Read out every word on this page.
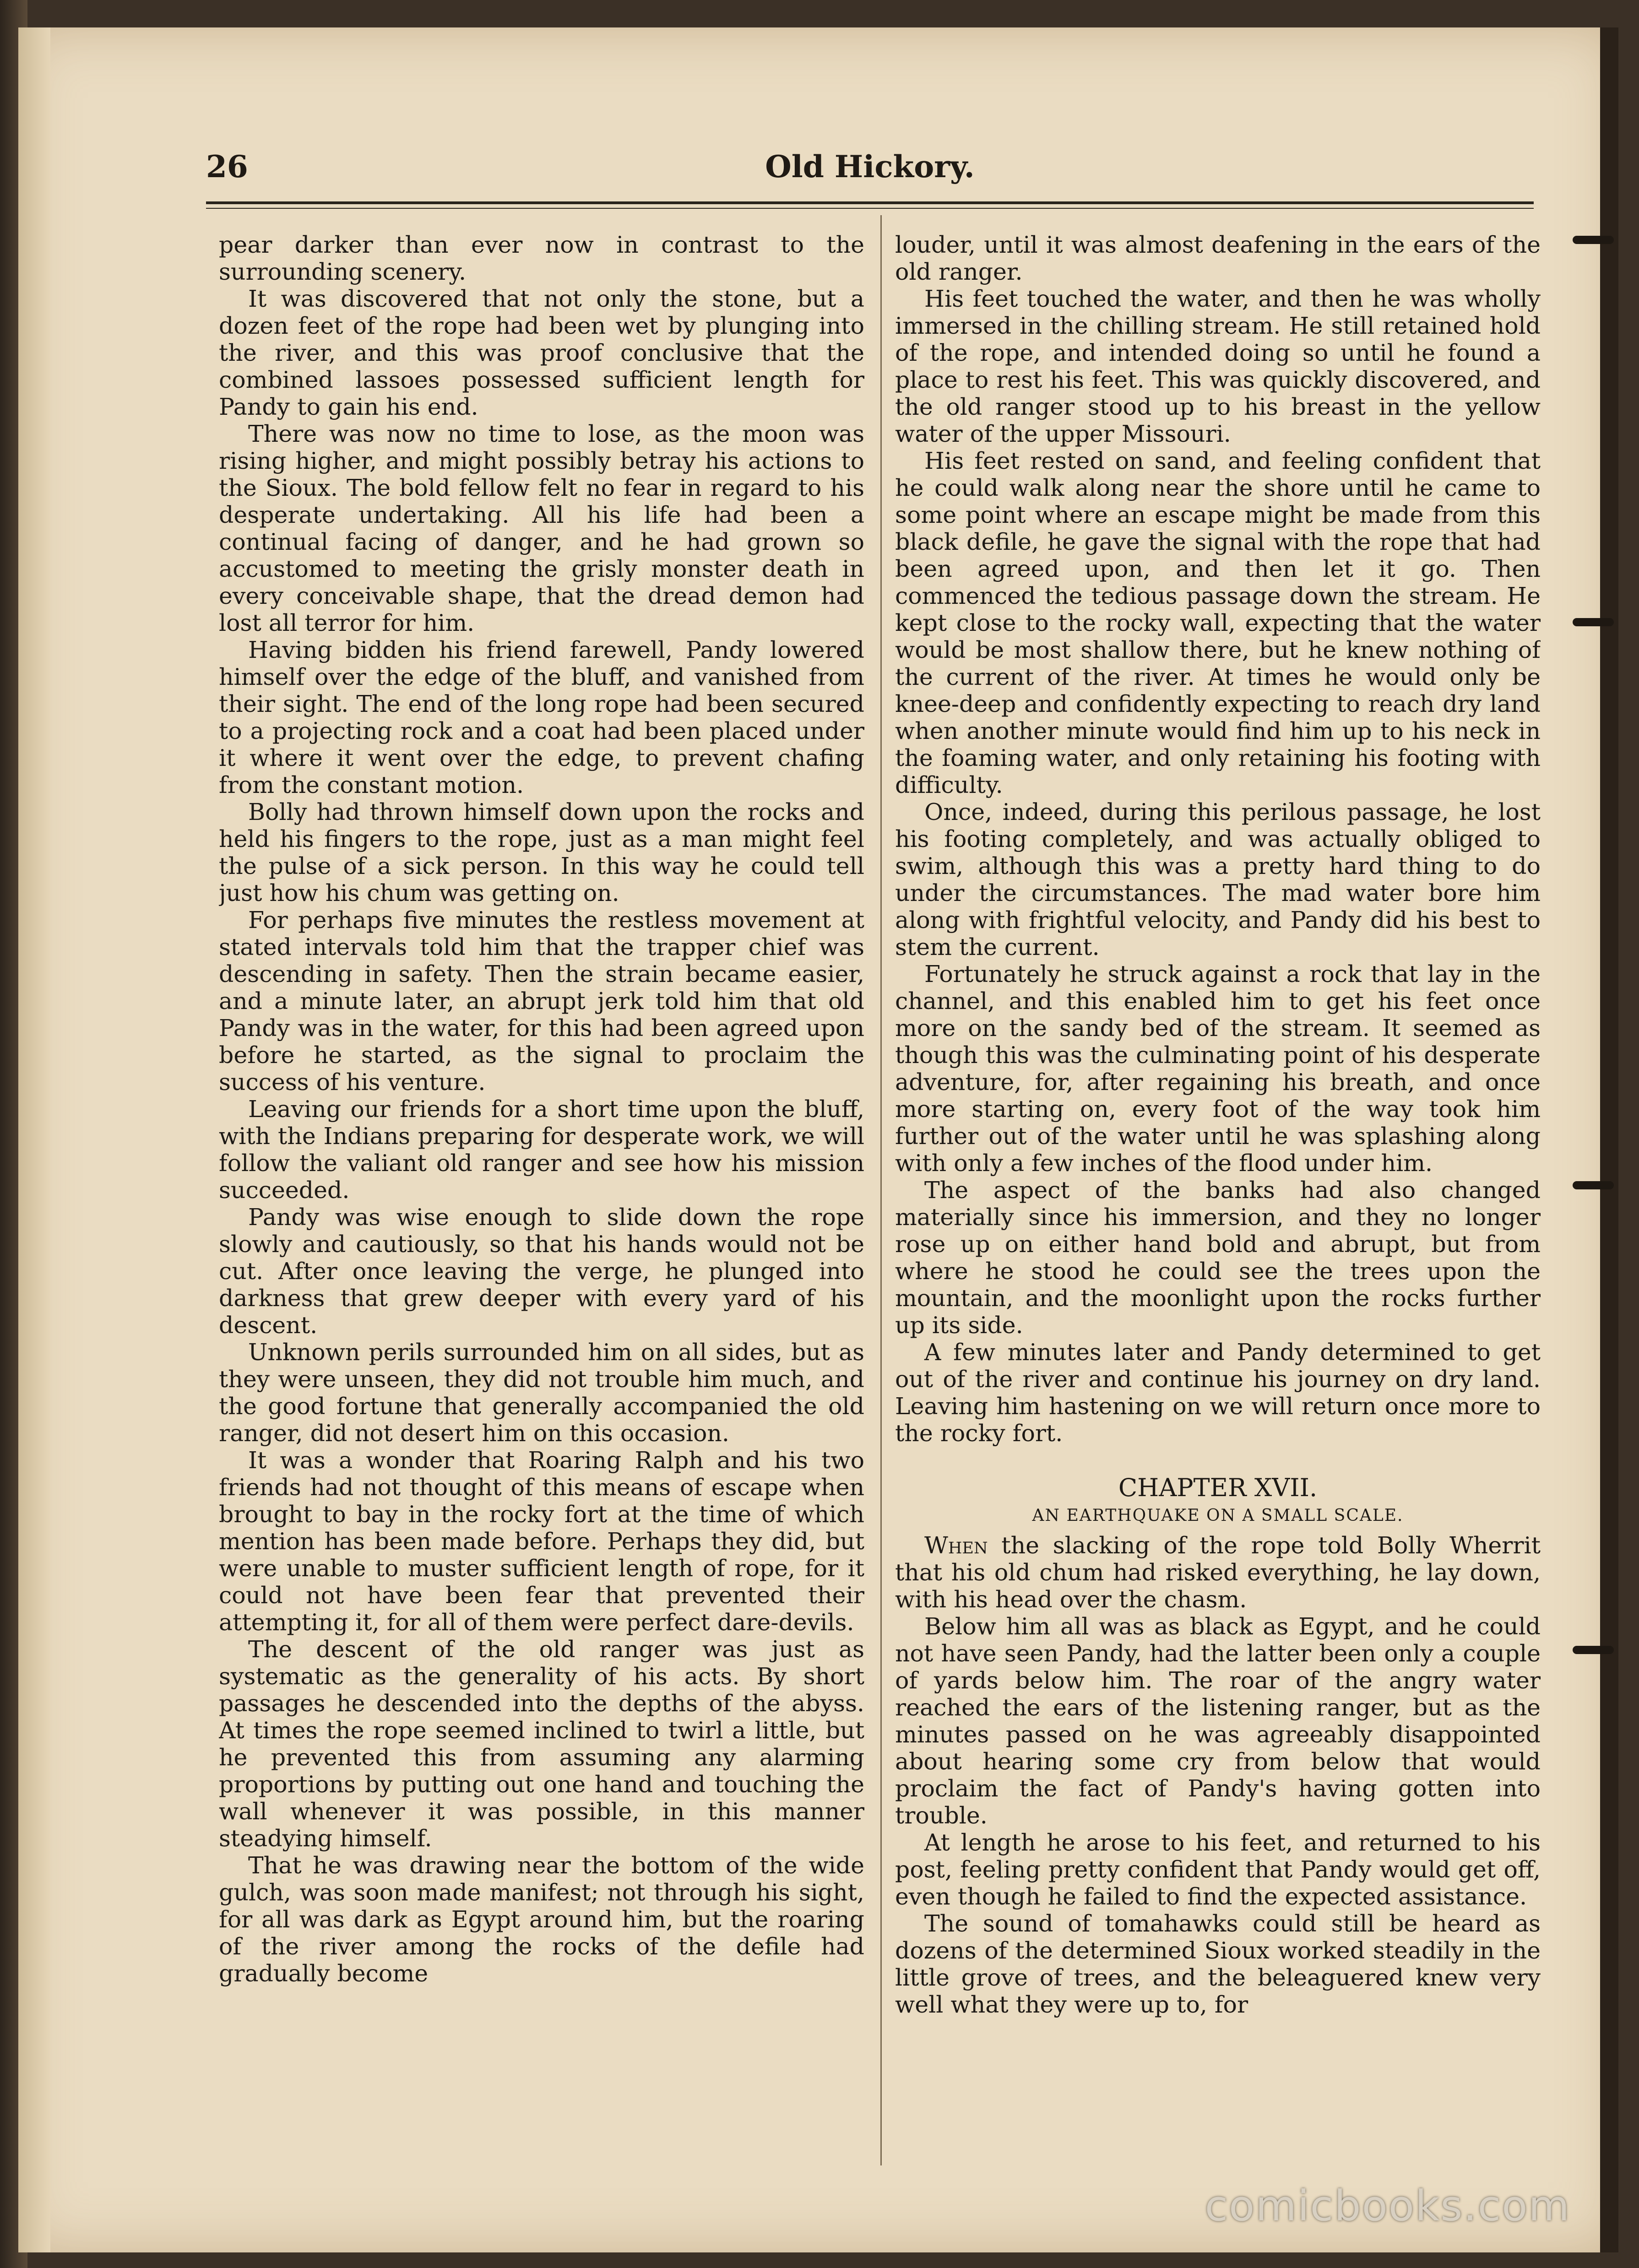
26	Old Hickory.

pear darker than ever now in contrast to the surrounding scenery.

It was discovered that not only the stone, but a dozen feet of the rope had been wet by plunging into the river, and this was proof conclusive that the combined lassoes possessed sufficient length for Pandy to gain his end.

There was now no time to lose, as the moon was rising higher, and might possibly betray his actions to the Sioux. The bold fellow felt no fear in regard to his desperate undertaking. All his life had been a continual facing of danger, and he had grown so accustomed to meeting the grisly monster death in every conceivable shape, that the dread demon had lost all terror for him.

Having bidden his friend farewell, Pandy lowered himself over the edge of the bluff, and vanished from their sight. The end of the long rope had been secured to a projecting rock and a coat had been placed under it where it went over the edge, to prevent chafing from the constant motion.

Bolly had thrown himself down upon the rocks and held his fingers to the rope, just as a man might feel the pulse of a sick person. In this way he could tell just how his chum was getting on.

For perhaps five minutes the restless movement at stated intervals told him that the trapper chief was descending in safety. Then the strain became easier, and a minute later, an abrupt jerk told him that old Pandy was in the water, for this had been agreed upon before he started, as the signal to proclaim the success of his venture.

Leaving our friends for a short time upon the bluff, with the Indians preparing for desperate work, we will follow the valiant old ranger and see how his mission succeeded.

Pandy was wise enough to slide down the rope slowly and cautiously, so that his hands would not be cut. After once leaving the verge, he plunged into darkness that grew deeper with every yard of his descent.

Unknown perils surrounded him on all sides, but as they were unseen, they did not trouble him much, and the good fortune that generally accompanied the old ranger, did not desert him on this occasion.

It was a wonder that Roaring Ralph and his two friends had not thought of this means of escape when brought to bay in the rocky fort at the time of which mention has been made before. Perhaps they did, but were unable to muster sufficient length of rope, for it could not have been fear that prevented their attempting it, for all of them were perfect dare-devils.

The descent of the old ranger was just as systematic as the generality of his acts. By short passages he descended into the depths of the abyss. At times the rope seemed inclined to twirl a little, but he prevented this from assuming any alarming proportions by putting out one hand and touching the wall whenever it was possible, in this manner steadying himself.

That he was drawing near the bottom of the wide gulch, was soon made manifest; not through his sight, for all was dark as Egypt around him, but the roaring of the river among the rocks of the defile had gradually become

louder, until it was almost deafening in the ears of the old ranger.

His feet touched the water, and then he was wholly immersed in the chilling stream. He still retained hold of the rope, and intended doing so until he found a place to rest his feet. This was quickly discovered, and the old ranger stood up to his breast in the yellow water of the upper Missouri.

His feet rested on sand, and feeling confident that he could walk along near the shore until he came to some point where an escape might be made from this black defile, he gave the signal with the rope that had been agreed upon, and then let it go. Then commenced the tedious passage down the stream. He kept close to the rocky wall, expecting that the water would be most shallow there, but he knew nothing of the current of the river. At times he would only be knee-deep and confidently expecting to reach dry land when another minute would find him up to his neck in the foaming water, and only retaining his footing with difficulty.

Once, indeed, during this perilous passage, he lost his footing completely, and was actually obliged to swim, although this was a pretty hard thing to do under the circumstances. The mad water bore him along with frightful velocity, and Pandy did his best to stem the current.

Fortunately he struck against a rock that lay in the channel, and this enabled him to get his feet once more on the sandy bed of the stream. It seemed as though this was the culminating point of his desperate adventure, for, after regaining his breath, and once more starting on, every foot of the way took him further out of the water until he was splashing along with only a few inches of the flood under him.

The aspect of the banks had also changed materially since his immersion, and they no longer rose up on either hand bold and abrupt, but from where he stood he could see the trees upon the mountain, and the moonlight upon the rocks further up its side.

A few minutes later and Pandy determined to get out of the river and continue his journey on dry land. Leaving him hastening on we will return once more to the rocky fort.

CHAPTER XVII.
AN EARTHQUAKE ON A SMALL SCALE.

When the slacking of the rope told Bolly Wherrit that his old chum had risked everything, he lay down, with his head over the chasm.

Below him all was as black as Egypt, and he could not have seen Pandy, had the latter been only a couple of yards below him. The roar of the angry water reached the ears of the listening ranger, but as the minutes passed on he was agreeably disappointed about hearing some cry from below that would proclaim the fact of Pandy's having gotten into trouble.

At length he arose to his feet, and returned to his post, feeling pretty confident that Pandy would get off, even though he failed to find the expected assistance.

The sound of tomahawks could still be heard as dozens of the determined Sioux worked steadily in the little grove of trees, and the beleaguered knew very well what they were up to, for

comicbooks.com
